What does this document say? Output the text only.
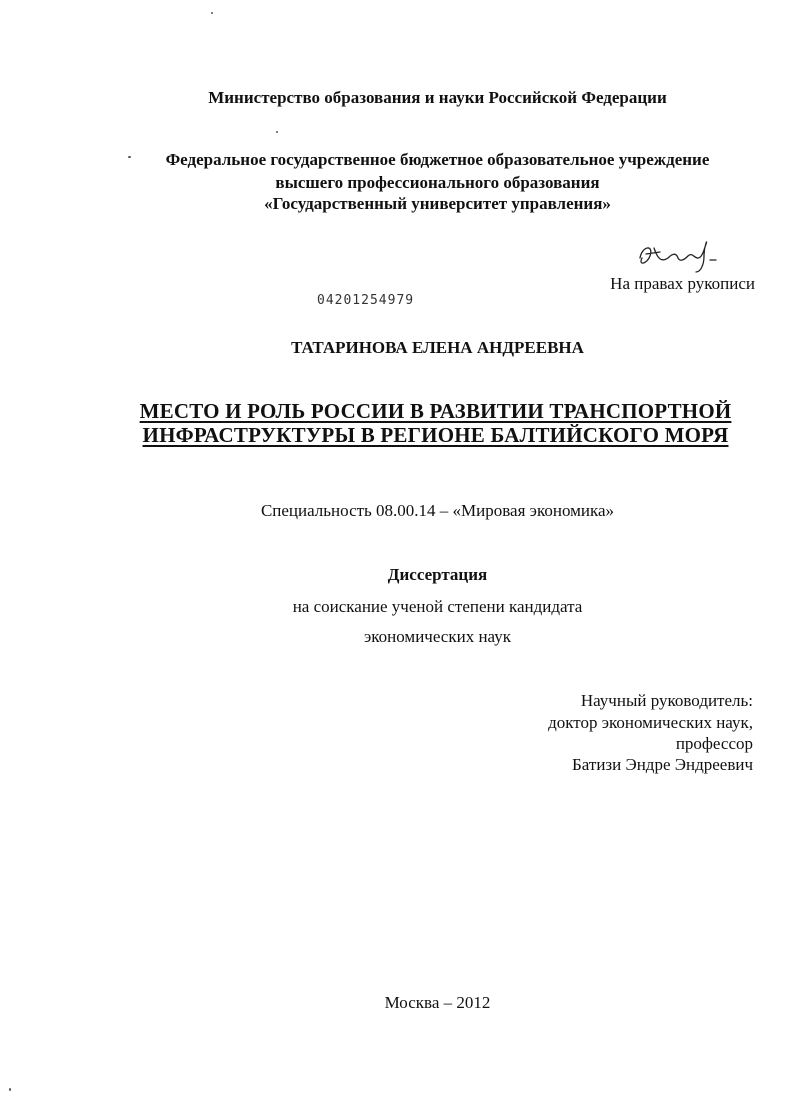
Министерство образования и науки Российской Федерации
Федеральное государственное бюджетное образовательное учреждение
высшего профессионального образования
«Государственный университет управления»
На правах рукописи
04201254979
ТАТАРИНОВА ЕЛЕНА АНДРЕЕВНА
МЕСТО И РОЛЬ РОССИИ В РАЗВИТИИ ТРАНСПОРТНОЙ
ИНФРАСТРУКТУРЫ В РЕГИОНЕ БАЛТИЙСКОГО МОРЯ
Специальность 08.00.14 – «Мировая экономика»
Диссертация
на соискание ученой степени кандидата
экономических наук
Научный руководитель:
доктор экономических наук,
профессор
Батизи Эндре Эндреевич
Москва – 2012
